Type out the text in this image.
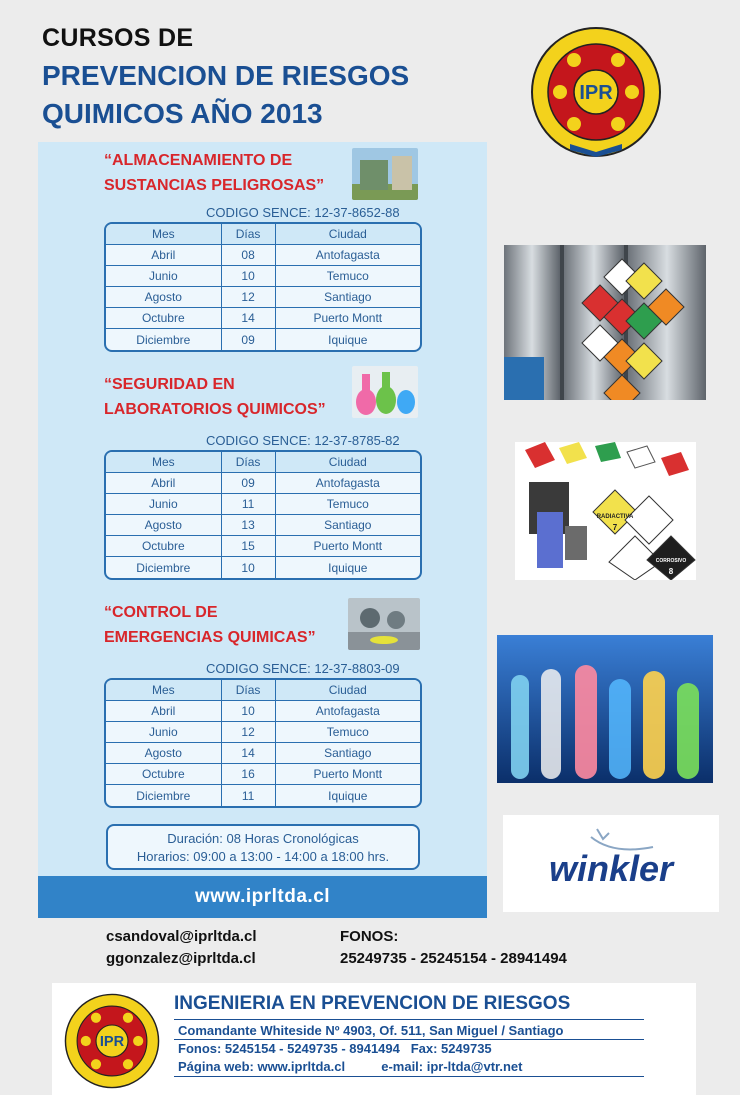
CURSOS DE
PREVENCION DE RIESGOS
QUIMICOS AÑO 2013
IPR
“ALMACENAMIENTO DE
SUSTANCIAS PELIGROSAS”
CODIGO SENCE: 12-37-8652-88
Mes	Días	Ciudad
Abril	08	Antofagasta
Junio	10	Temuco
Agosto	12	Santiago
Octubre	14	Puerto Montt
Diciembre	09	Iquique
“SEGURIDAD EN
LABORATORIOS QUIMICOS”
CODIGO SENCE: 12-37-8785-82
Mes	Días	Ciudad
Abril	09	Antofagasta
Junio	11	Temuco
Agosto	13	Santiago
Octubre	15	Puerto Montt
Diciembre	10	Iquique
“CONTROL DE
EMERGENCIAS QUIMICAS”
CODIGO SENCE: 12-37-8803-09
Mes	Días	Ciudad
Abril	10	Antofagasta
Junio	12	Temuco
Agosto	14	Santiago
Octubre	16	Puerto Montt
Diciembre	11	Iquique
Duración: 08 Horas Cronológicas
Horarios: 09:00 a 13:00 - 14:00 a 18:00 hrs.
www.iprltda.cl
RADIACTIVA
CORROSIVO
7
8
winkler
csandoval@iprltda.cl
ggonzalez@iprltda.cl
FONOS:
25249735 - 25245154 - 28941494
IPR
INGENIERIA EN PREVENCION DE RIESGOS
Comandante Whiteside Nº 4903, Of. 511, San Miguel / Santiago
Fonos: 5245154 - 5249735 - 8941494   Fax: 5249735
Página web: www.iprltda.cl          e-mail: ipr-ltda@vtr.net
